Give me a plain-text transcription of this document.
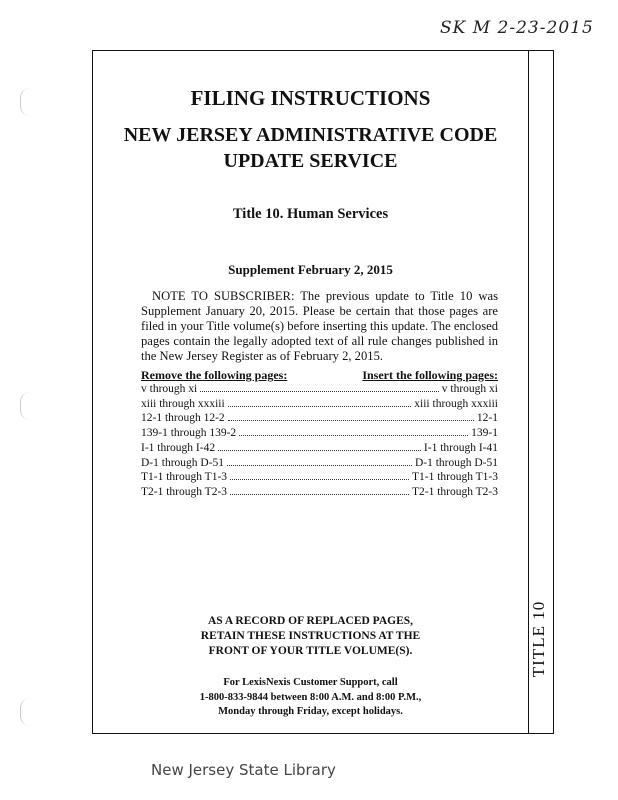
SK M 2-23-2015
TITLE 10
FILING INSTRUCTIONS
NEW JERSEY ADMINISTRATIVE CODE
UPDATE SERVICE
Title 10. Human Services
Supplement February 2, 2015
NOTE TO SUBSCRIBER: The previous update to Title 10 was Supplement January 20, 2015. Please be certain that those pages are filed in your Title volume(s) before inserting this update. The enclosed pages contain the legally adopted text of all rule changes published in the New Jersey Register as of February 2, 2015.
Remove the following pages:	Insert the following pages:
v through xi	v through xi
xiii through xxxiii	xiii through xxxiii
12-1 through 12-2	12-1
139-1 through 139-2	139-1
I-1 through I-42	I-1 through I-41
D-1 through D-51	D-1 through D-51
T1-1 through T1-3	T1-1 through T1-3
T2-1 through T2-3	T2-1 through T2-3
AS A RECORD OF REPLACED PAGES,
RETAIN THESE INSTRUCTIONS AT THE
FRONT OF YOUR TITLE VOLUME(S).
For LexisNexis Customer Support, call
1-800-833-9844 between 8:00 A.M. and 8:00 P.M.,
Monday through Friday, except holidays.
New Jersey State Library
